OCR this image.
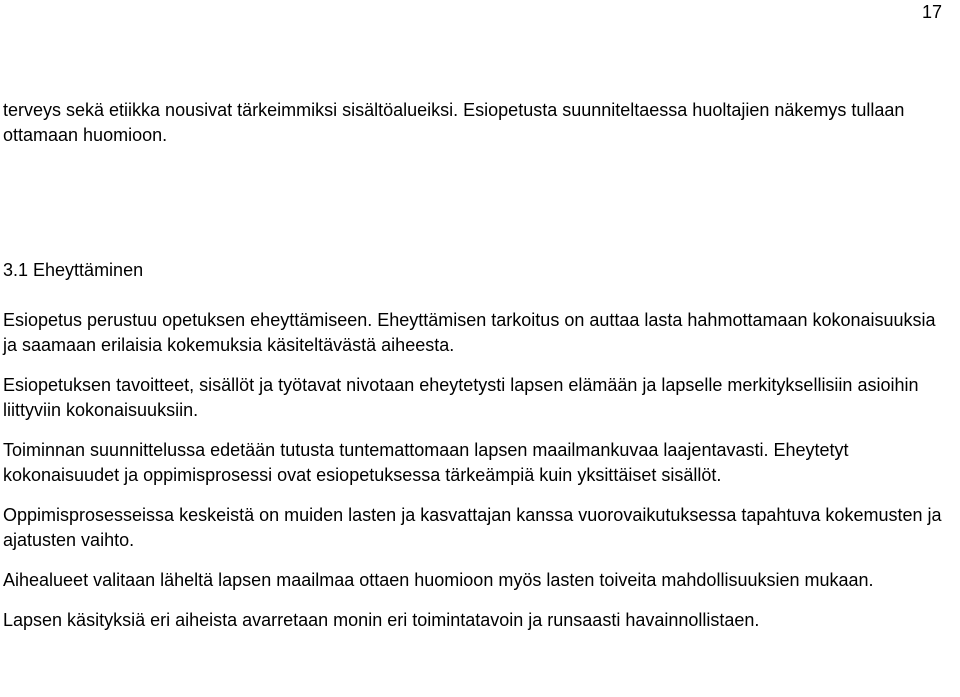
17

terveys sekä etiikka nousivat tärkeimmiksi sisältöalueiksi. Esiopetusta suunniteltaessa huoltajien näkemys tullaan ottamaan huomioon.

3.1 Eheyttäminen

Esiopetus perustuu opetuksen eheyttämiseen. Eheyttämisen tarkoitus on auttaa lasta hahmottamaan kokonaisuuksia ja saamaan erilaisia kokemuksia käsiteltävästä aiheesta.

Esiopetuksen tavoitteet, sisällöt ja työtavat nivotaan eheytetysti lapsen elämään ja lapselle merkityksellisiin asioihin liittyviin kokonaisuuksiin.

Toiminnan suunnittelussa edetään tutusta tuntemattomaan lapsen maailmankuvaa laajentavasti. Eheytetyt kokonaisuudet ja oppimisprosessi ovat esiopetuksessa tärkeämpiä kuin yksittäiset sisällöt.

Oppimisprosesseissa keskeistä on muiden lasten ja kasvattajan kanssa vuorovaikutuksessa tapahtuva kokemusten ja ajatusten vaihto.

Aihealueet valitaan läheltä lapsen maailmaa ottaen huomioon myös lasten toiveita mahdollisuuksien mukaan.

Lapsen käsityksiä eri aiheista avarretaan monin eri toimintatavoin ja runsaasti havainnollistaen.
